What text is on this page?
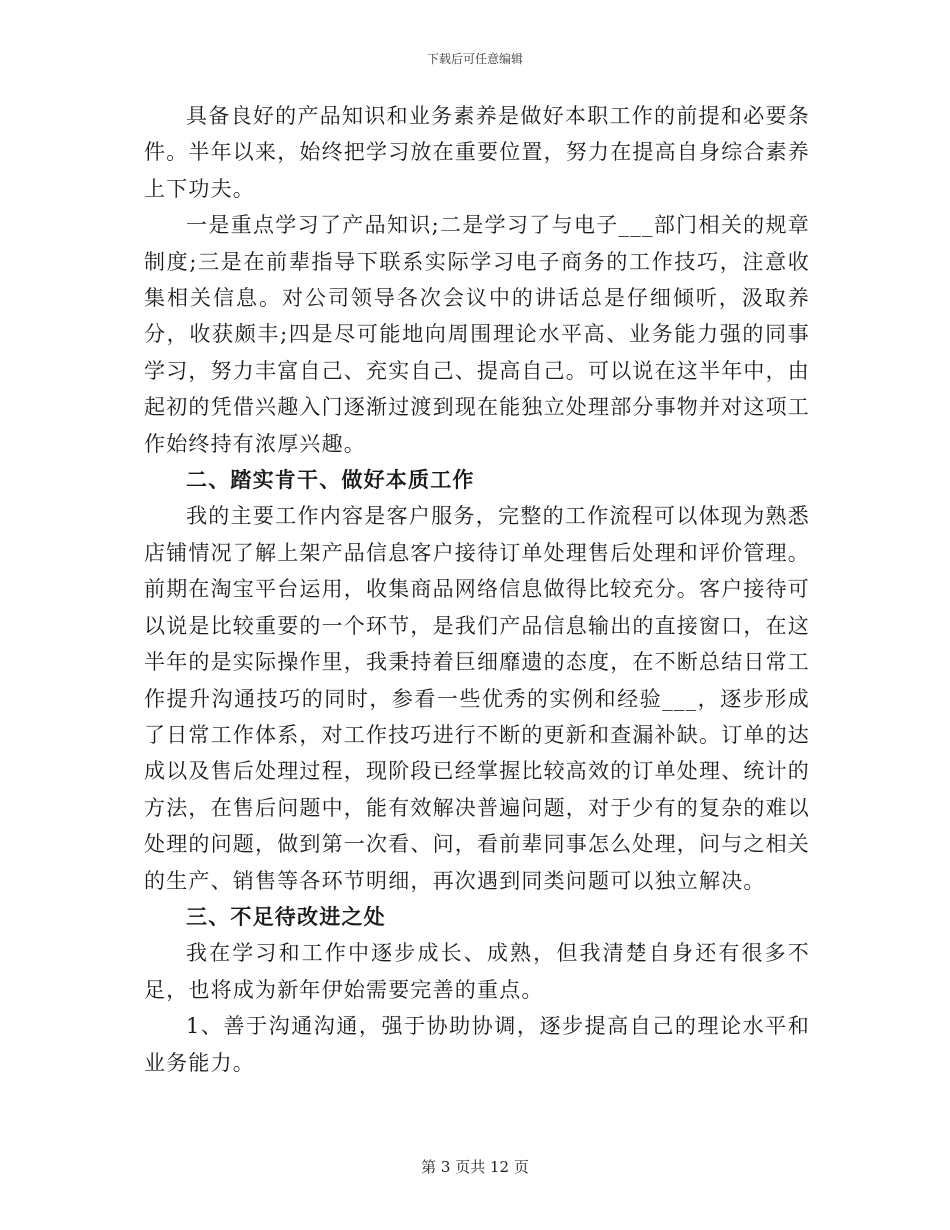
下载后可任意编辑

具备良好的产品知识和业务素养是做好本职工作的前提和必要条件。半年以来，始终把学习放在重要位置，努力在提高自身综合素养上下功夫。

一是重点学习了产品知识;二是学习了与电子___部门相关的规章制度;三是在前辈指导下联系实际学习电子商务的工作技巧，注意收集相关信息。对公司领导各次会议中的讲话总是仔细倾听，汲取养分，收获颇丰;四是尽可能地向周围理论水平高、业务能力强的同事学习，努力丰富自己、充实自己、提高自己。可以说在这半年中，由起初的凭借兴趣入门逐渐过渡到现在能独立处理部分事物并对这项工作始终持有浓厚兴趣。

二、踏实肯干、做好本质工作

我的主要工作内容是客户服务，完整的工作流程可以体现为熟悉店铺情况了解上架产品信息客户接待订单处理售后处理和评价管理。前期在淘宝平台运用，收集商品网络信息做得比较充分。客户接待可以说是比较重要的一个环节，是我们产品信息输出的直接窗口，在这半年的是实际操作里，我秉持着巨细靡遗的态度，在不断总结日常工作提升沟通技巧的同时，参看一些优秀的实例和经验___，逐步形成了日常工作体系，对工作技巧进行不断的更新和查漏补缺。订单的达成以及售后处理过程，现阶段已经掌握比较高效的订单处理、统计的方法，在售后问题中，能有效解决普遍问题，对于少有的复杂的难以处理的问题，做到第一次看、问，看前辈同事怎么处理，问与之相关的生产、销售等各环节明细，再次遇到同类问题可以独立解决。

三、不足待改进之处

我在学习和工作中逐步成长、成熟，但我清楚自身还有很多不足，也将成为新年伊始需要完善的重点。

1、善于沟通沟通，强于协助协调，逐步提高自己的理论水平和业务能力。

第 3 页共 12 页
